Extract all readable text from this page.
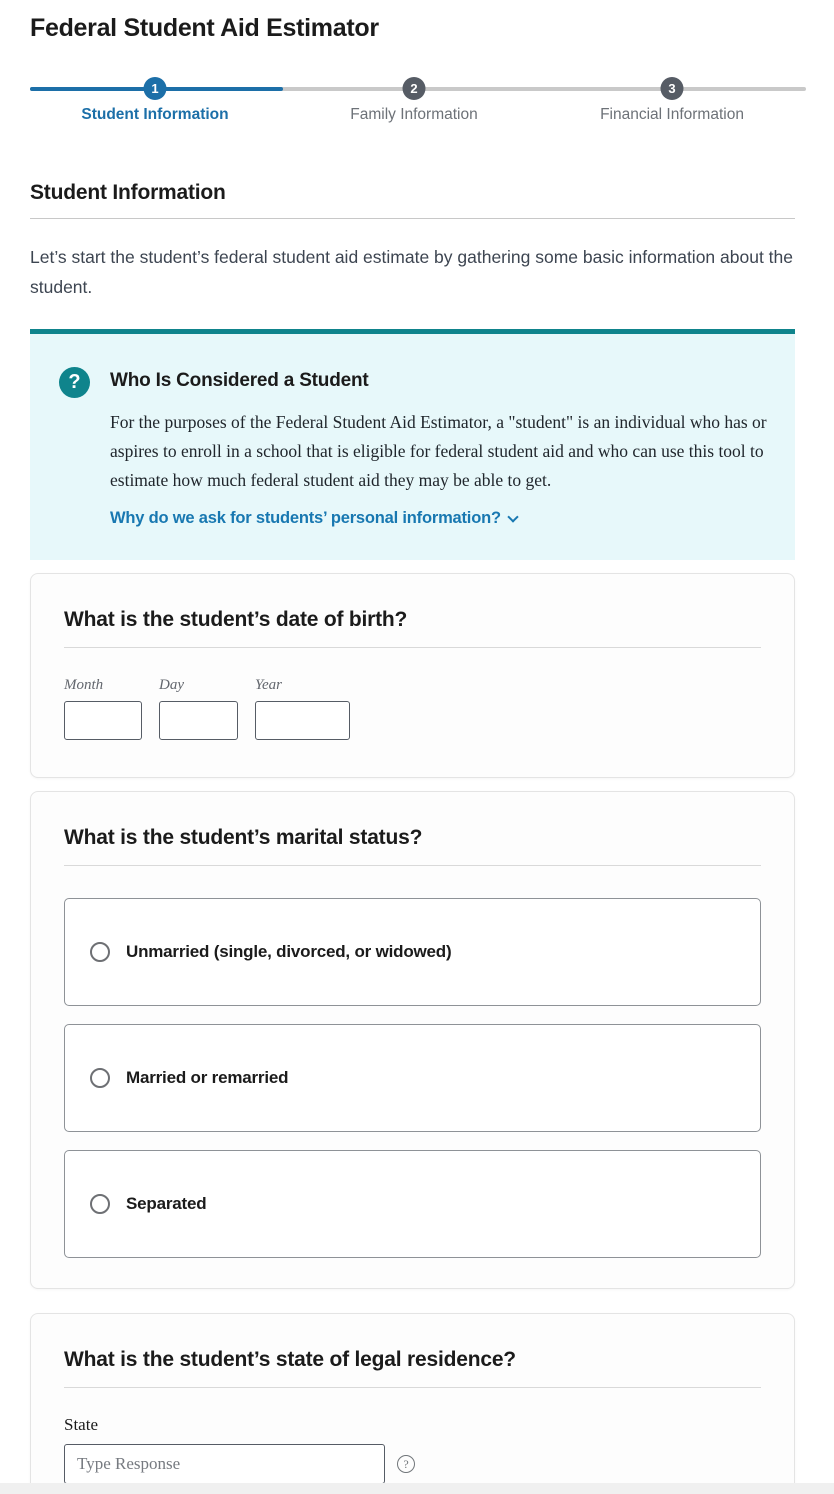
Federal Student Aid Estimator
1	2	3
Student Information	Family Information	Financial Information
Student Information

Let’s start the student’s federal student aid estimate by gathering some basic information about the student.

?	Who Is Considered a Student
For the purposes of the Federal Student Aid Estimator, a "student" is an individual who has or aspires to enroll in a school that is eligible for federal student aid and who can use this tool to estimate how much federal student aid they may be able to get.
Why do we ask for students’ personal information?
What is the student’s date of birth?
Month	Day	Year
What is the student’s marital status?
Unmarried (single, divorced, or widowed)
Married or remarried
Separated
What is the student’s state of legal residence?
State
Type Response
?
